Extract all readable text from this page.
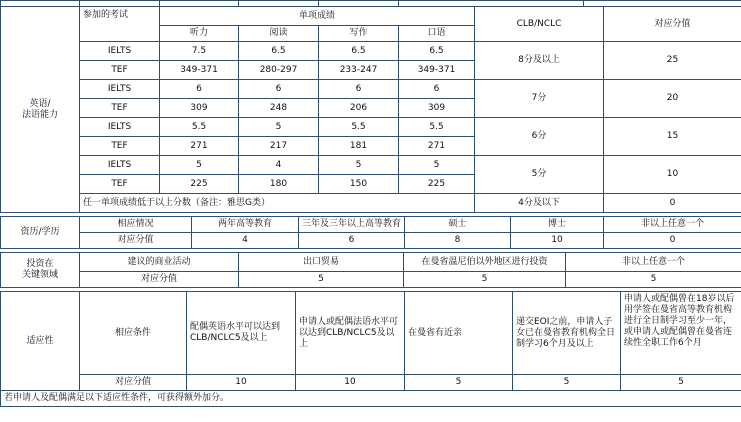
英语/
法语能力	参加的考试	单项成绩				CLB/NCLC		对应分值
		听力	阅读	写作	口语			
	IELTS	7.5	6.5	6.5	6.5	8分及以上		25
	TEF	349-371	280-297	233-247	349-371			
	IELTS	6	6	6	6	7分		20
	TEF	309	248	206	309			
	IELTS	5.5	5	5.5	5.5	6分		15
	TEF	271	217	181	271			
	IELTS	5	4	5	5	5分		10
	TEF	225	180	150	225			
	任一单项成绩低于以上分数（备注：雅思G类）					4分及以下		0
资历/学历	相应情况	两年高等教育	三年及三年以上高等教育	硕士	博士	非以上任意一个
	对应分值	4	6	8	10	0
投资在
关键领域	建议的商业活动	出口贸易	在曼省温尼伯以外地区进行投资	非以上任意一个
	对应分值	5	5	5
适应性	相应条件	配偶英语水平可以达到CLB/NCLC5及以上	申请人或配偶法语水平可以达到CLB/NCLC5及以上	在曼省有近亲	递交EOI之前，申请人子女已在曼省教育机构全日制学习6个月及以上	申请人或配偶曾在18岁以后用学签在曼省高等教育机构进行全日制学习至少一年，或申请人或配偶曾在曼省连续性全职工作6个月
	对应分值	10	10	5	5	5
若申请人及配偶满足以下适应性条件，可获得额外加分。						
